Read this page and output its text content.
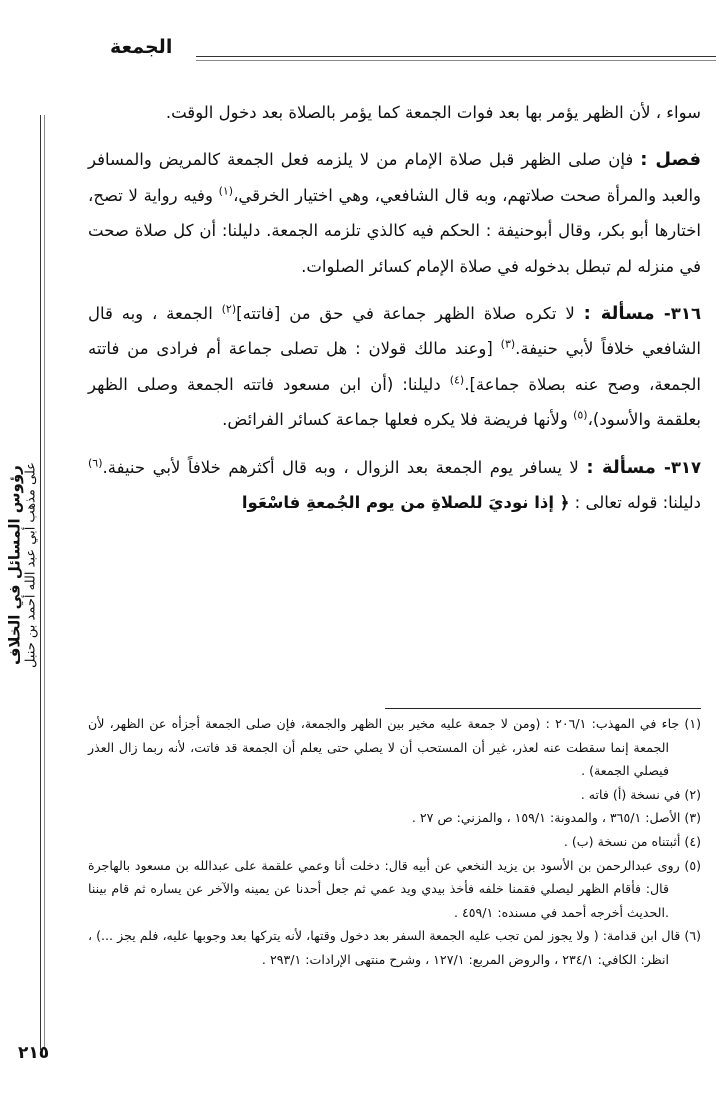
الجمعة
رؤوس المسائل في الخلاف على مذهب أبي عبد الله أحمد بن حنبل

سواء ، لأن الظهر يؤمر بها بعد فوات الجمعة كما يؤمر بالصلاة بعد دخول الوقت.

فصل : فإن صلى الظهر قبل صلاة الإمام من لا يلزمه فعل الجمعة كالمريض والمسافر والعبد والمرأة صحت صلاتهم، وبه قال الشافعي، وهي اختيار الخرقي،$^{(١)}$ وفيه رواية لا تصح، اختارها أبو بكر، وقال أبوحنيفة : الحكم فيه كالذي تلزمه الجمعة. دليلنا: أن كل صلاة صحت في منزله لم تبطل بدخوله في صلاة الإمام كسائر الصلوات.

٣١٦- مسألة : لا تكره صلاة الظهر جماعة في حق من [فاتته]$^{(٢)}$ الجمعة ، وبه قال الشافعي خلافاً لأبي حنيفة.$^{(٣)}$ [وعند مالك قولان : هل تصلى جماعة أم فرادى من فاتته الجمعة، وصح عنه بصلاة جماعة].$^{(٤)}$ دليلنا: (أن ابن مسعود فاتته الجمعة وصلى الظهر بعلقمة والأسود)،$^{(٥)}$ ولأنها فريضة فلا يكره فعلها جماعة كسائر الفرائض.

٣١٧- مسألة : لا يسافر يوم الجمعة بعد الزوال ، وبه قال أكثرهم خلافاً لأبي حنيفة.$^{(٦)}$ دليلنا: قوله تعالى : ﴿ إذا نوديَ للصلاةِ من يوم الجُمعةِ فاسْعَوا

(١) جاء في المهذب: ٢٠٦/١ : (ومن لا جمعة عليه مخير بين الظهر والجمعة، فإن صلى الجمعة أجزأه عن الظهر، لأن الجمعة إنما سقطت عنه لعذر، غير أن المستحب أن لا يصلي حتى يعلم أن الجمعة قد فاتت، لأنه ربما زال العذر فيصلي الجمعة) .

(٢) في نسخة (أ) فاته .

(٣) الأصل: ٣٦٥/١ ، والمدونة: ١٥٩/١ ، والمزني: ص ٢٧ .

(٤) أثبتناه من نسخة (ب) .

(٥) روى عبدالرحمن بن الأسود بن يزيد النخعي عن أبيه قال: دخلت أنا وعمي علقمة على عبدالله بن مسعود بالهاجرة قال: فأقام الظهر ليصلي فقمنا خلفه فأخذ بيدي ويد عمي ثم جعل أحدنا عن يمينه والآخر عن يساره ثم قام بيننا .الحديث أخرجه أحمد في مسنده: ٤٥٩/١ .

(٦) قال ابن قدامة: ( ولا يجوز لمن تجب عليه الجمعة السفر بعد دخول وقتها، لأنه يتركها بعد وجوبها عليه، فلم يجز ...) ، انظر: الكافي: ٢٣٤/١ ، والروض المربع: ١٢٧/١ ، وشرح منتهى الإرادات: ٢٩٣/١ .

٢١٥
